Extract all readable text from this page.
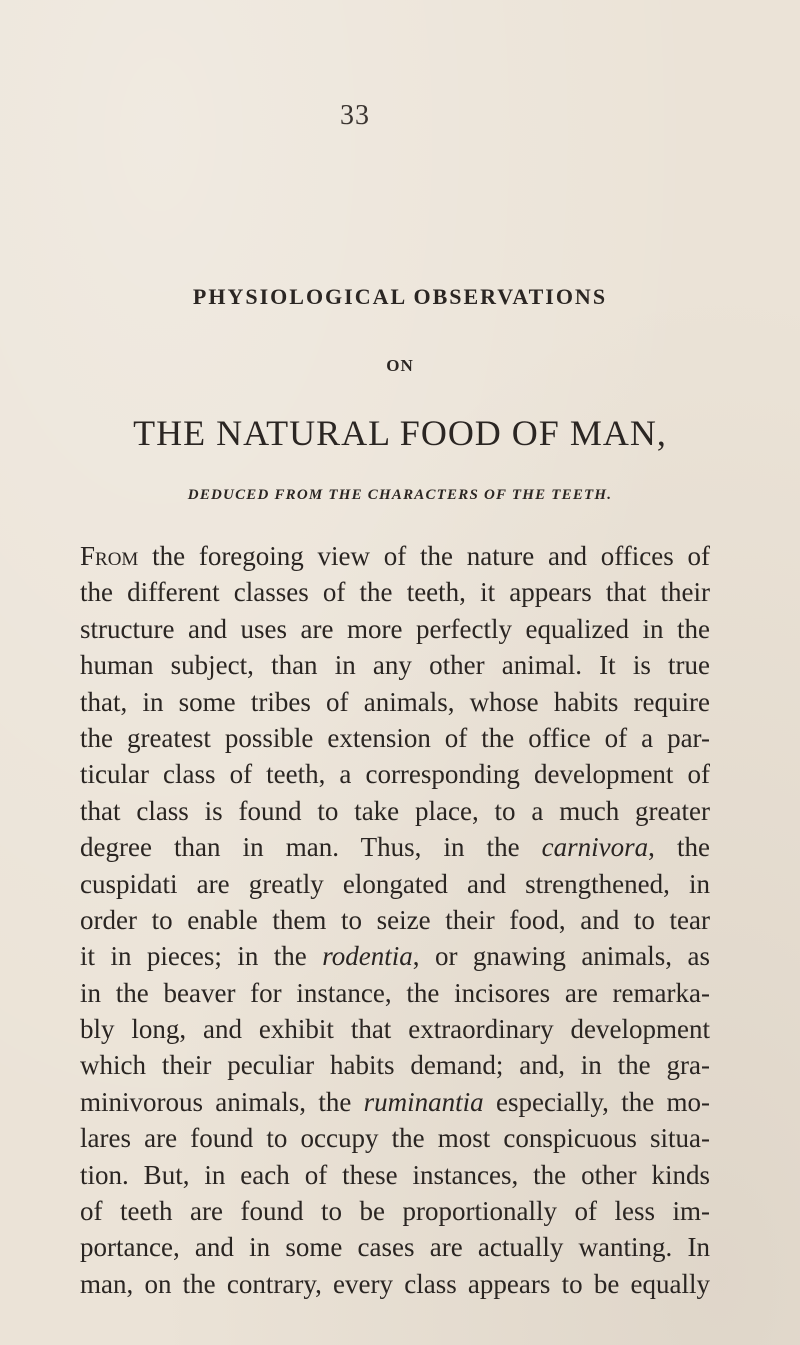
33
PHYSIOLOGICAL OBSERVATIONS
ON
THE NATURAL FOOD OF MAN,
DEDUCED FROM THE CHARACTERS OF THE TEETH.
From the foregoing view of the nature and offices of
the different classes of the teeth, it appears that their
structure and uses are more perfectly equalized in the
human subject, than in any other animal. It is true
that, in some tribes of animals, whose habits require
the greatest possible extension of the office of a par-
ticular class of teeth, a corresponding development of
that class is found to take place, to a much greater
degree than in man. Thus, in the carnivora, the
cuspidati are greatly elongated and strengthened, in
order to enable them to seize their food, and to tear
it in pieces; in the rodentia, or gnawing animals, as
in the beaver for instance, the incisores are remarka-
bly long, and exhibit that extraordinary development
which their peculiar habits demand; and, in the gra-
minivorous animals, the ruminantia especially, the mo-
lares are found to occupy the most conspicuous situa-
tion. But, in each of these instances, the other kinds
of teeth are found to be proportionally of less im-
portance, and in some cases are actually wanting. In
man, on the contrary, every class appears to be equally
